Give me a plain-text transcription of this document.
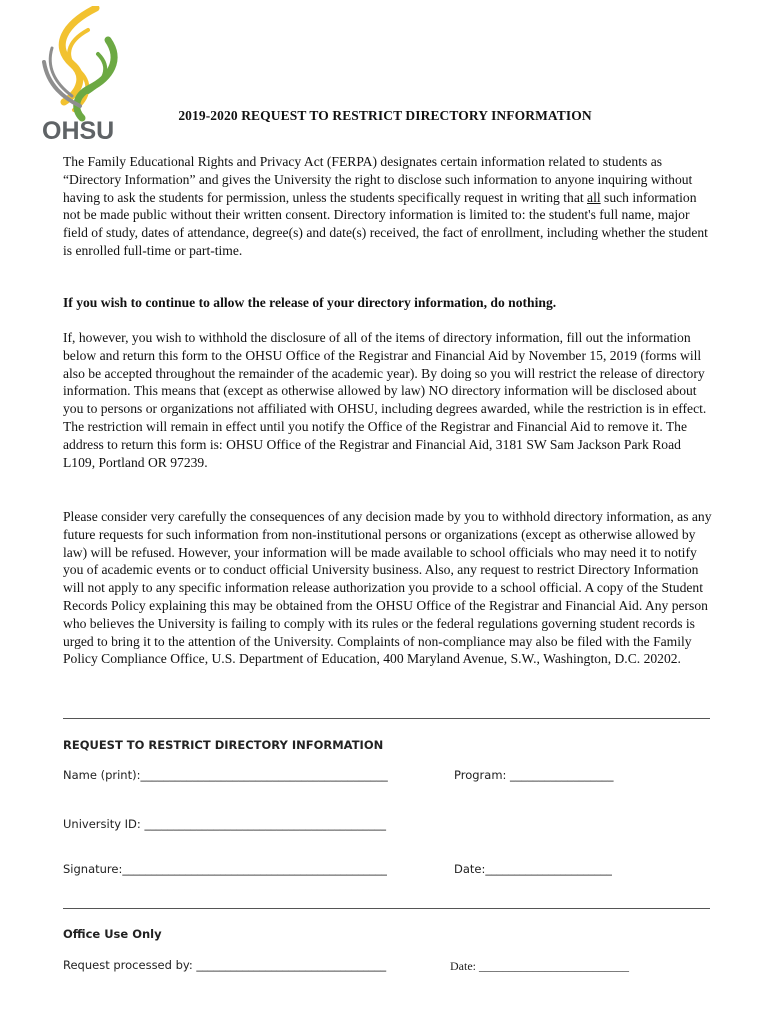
OHSU
2019-2020 REQUEST TO RESTRICT DIRECTORY INFORMATION

The Family Educational Rights and Privacy Act (FERPA) designates certain information related to students as “Directory Information” and gives the University the right to disclose such information to anyone inquiring without having to ask the students for permission, unless the students specifically request in writing that all such information not be made public without their written consent. Directory information is limited to: the student's full name, major field of study, dates of attendance, degree(s) and date(s) received, the fact of enrollment, including whether the student is enrolled full-time or part-time.

If you wish to continue to allow the release of your directory information, do nothing.

If, however, you wish to withhold the disclosure of all of the items of directory information, fill out the information below and return this form to the OHSU Office of the Registrar and Financial Aid by November 15, 2019 (forms will also be accepted throughout the remainder of the academic year). By doing so you will restrict the release of directory information. This means that (except as otherwise allowed by law) NO directory information will be disclosed about you to persons or organizations not affiliated with OHSU, including degrees awarded, while the restriction is in effect. The restriction will remain in effect until you notify the Office of the Registrar and Financial Aid to remove it. The address to return this form is: OHSU Office of the Registrar and Financial Aid, 3181 SW Sam Jackson Park Road L109, Portland OR 97239.

Please consider very carefully the consequences of any decision made by you to withhold directory information, as any future requests for such information from non-institutional persons or organizations (except as otherwise allowed by law) will be refused. However, your information will be made available to school officials who may need it to notify you of academic events or to conduct official University business. Also, any request to restrict Directory Information will not apply to any specific information release authorization you provide to a school official. A copy of the Student Records Policy explaining this may be obtained from the OHSU Office of the Registrar and Financial Aid. Any person who believes the University is failing to comply with its rules or the federal regulations governing student records is urged to bring it to the attention of the University. Complaints of non-compliance may also be filed with the Family Policy Compliance Office, U.S. Department of Education, 400 Maryland Avenue, S.W., Washington, D.C. 20202.

REQUEST TO RESTRICT DIRECTORY INFORMATION
Name (print):___________________________________________	Program: __________________
University ID: __________________________________________
Signature:______________________________________________	Date:______________________
Office Use Only
Request processed by: _________________________________	Date: _________________________
